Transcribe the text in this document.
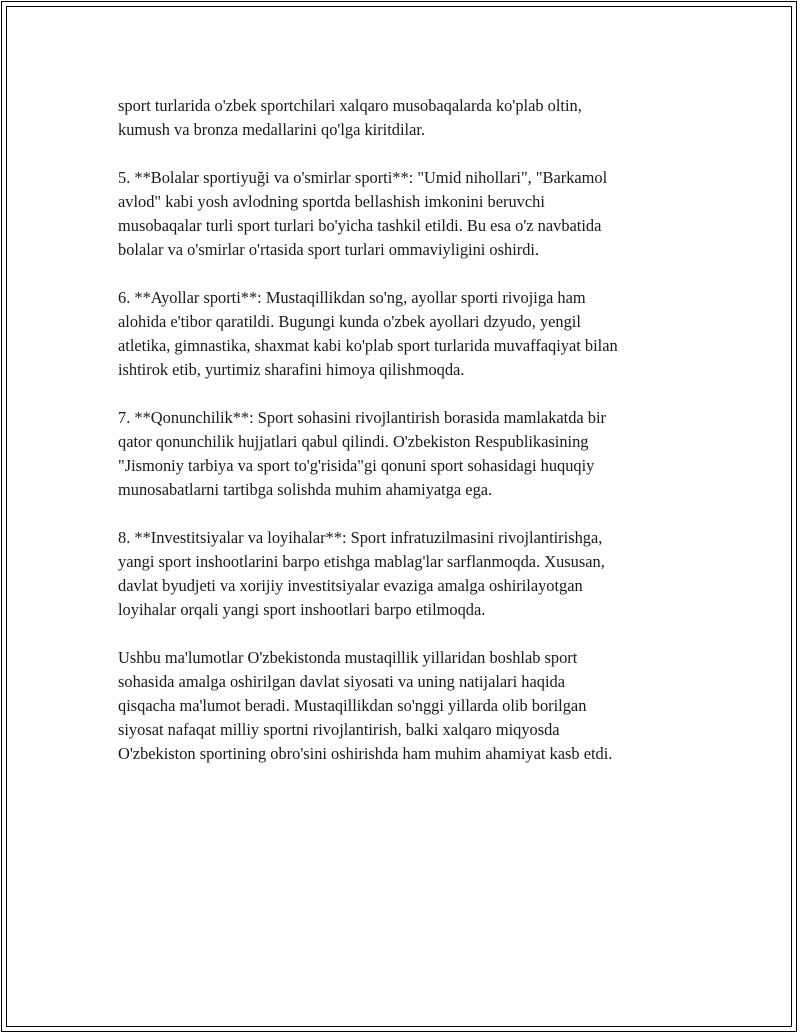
sport turlarida o'zbek sportchilari xalqaro musobaqalarda ko'plab oltin,
kumush va bronza medallarini qo'lga kiritdilar.

5. **Bolalar sportiyuği va o'smirlar sporti**: "Umid nihollari", "Barkamol
avlod" kabi yosh avlodning sportda bellashish imkonini beruvchi
musobaqalar turli sport turlari bo'yicha tashkil etildi. Bu esa o'z navbatida
bolalar va o'smirlar o'rtasida sport turlari ommaviyligini oshirdi.

6. **Ayollar sporti**: Mustaqillikdan so'ng, ayollar sporti rivojiga ham
alohida e'tibor qaratildi. Bugungi kunda o'zbek ayollari dzyudo, yengil
atletika, gimnastika, shaxmat kabi ko'plab sport turlarida muvaffaqiyat bilan
ishtirok etib, yurtimiz sharafini himoya qilishmoqda.

7. **Qonunchilik**: Sport sohasini rivojlantirish borasida mamlakatda bir
qator qonunchilik hujjatlari qabul qilindi. O'zbekiston Respublikasining
"Jismoniy tarbiya va sport to'g'risida"gi qonuni sport sohasidagi huquqiy
munosabatlarni tartibga solishda muhim ahamiyatga ega.

8. **Investitsiyalar va loyihalar**: Sport infratuzilmasini rivojlantirishga,
yangi sport inshootlarini barpo etishga mablag'lar sarflanmoqda. Xususan,
davlat byudjeti va xorijiy investitsiyalar evaziga amalga oshirilayotgan
loyihalar orqali yangi sport inshootlari barpo etilmoqda.

Ushbu ma'lumotlar O'zbekistonda mustaqillik yillaridan boshlab sport
sohasida amalga oshirilgan davlat siyosati va uning natijalari haqida
qisqacha ma'lumot beradi. Mustaqillikdan so'nggi yillarda olib borilgan
siyosat nafaqat milliy sportni rivojlantirish, balki xalqaro miqyosda
O'zbekiston sportining obro'sini oshirishda ham muhim ahamiyat kasb etdi.
